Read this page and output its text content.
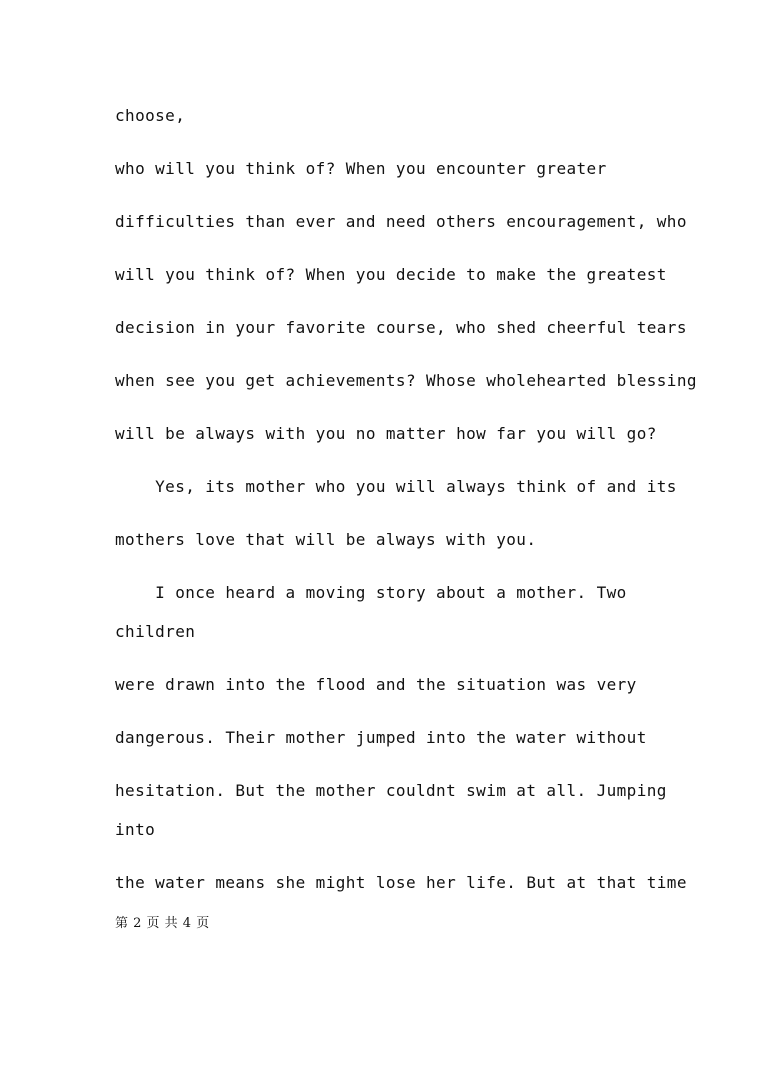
choose,
who will you think of? When you encounter greater
difficulties than ever and need others encouragement, who
will you think of? When you decide to make the greatest
decision in your favorite course, who shed cheerful tears
when see you get achievements? Whose wholehearted blessing
will be always with you no matter how far you will go?
Yes, its mother who you will always think of and its
mothers love that will be always with you.
I once heard a moving story about a mother. Two
children
were drawn into the flood and the situation was very
dangerous. Their mother jumped into the water without
hesitation. But the mother couldnt swim at all. Jumping
into
the water means she might lose her life. But at that time
第 2 页 共 4 页
